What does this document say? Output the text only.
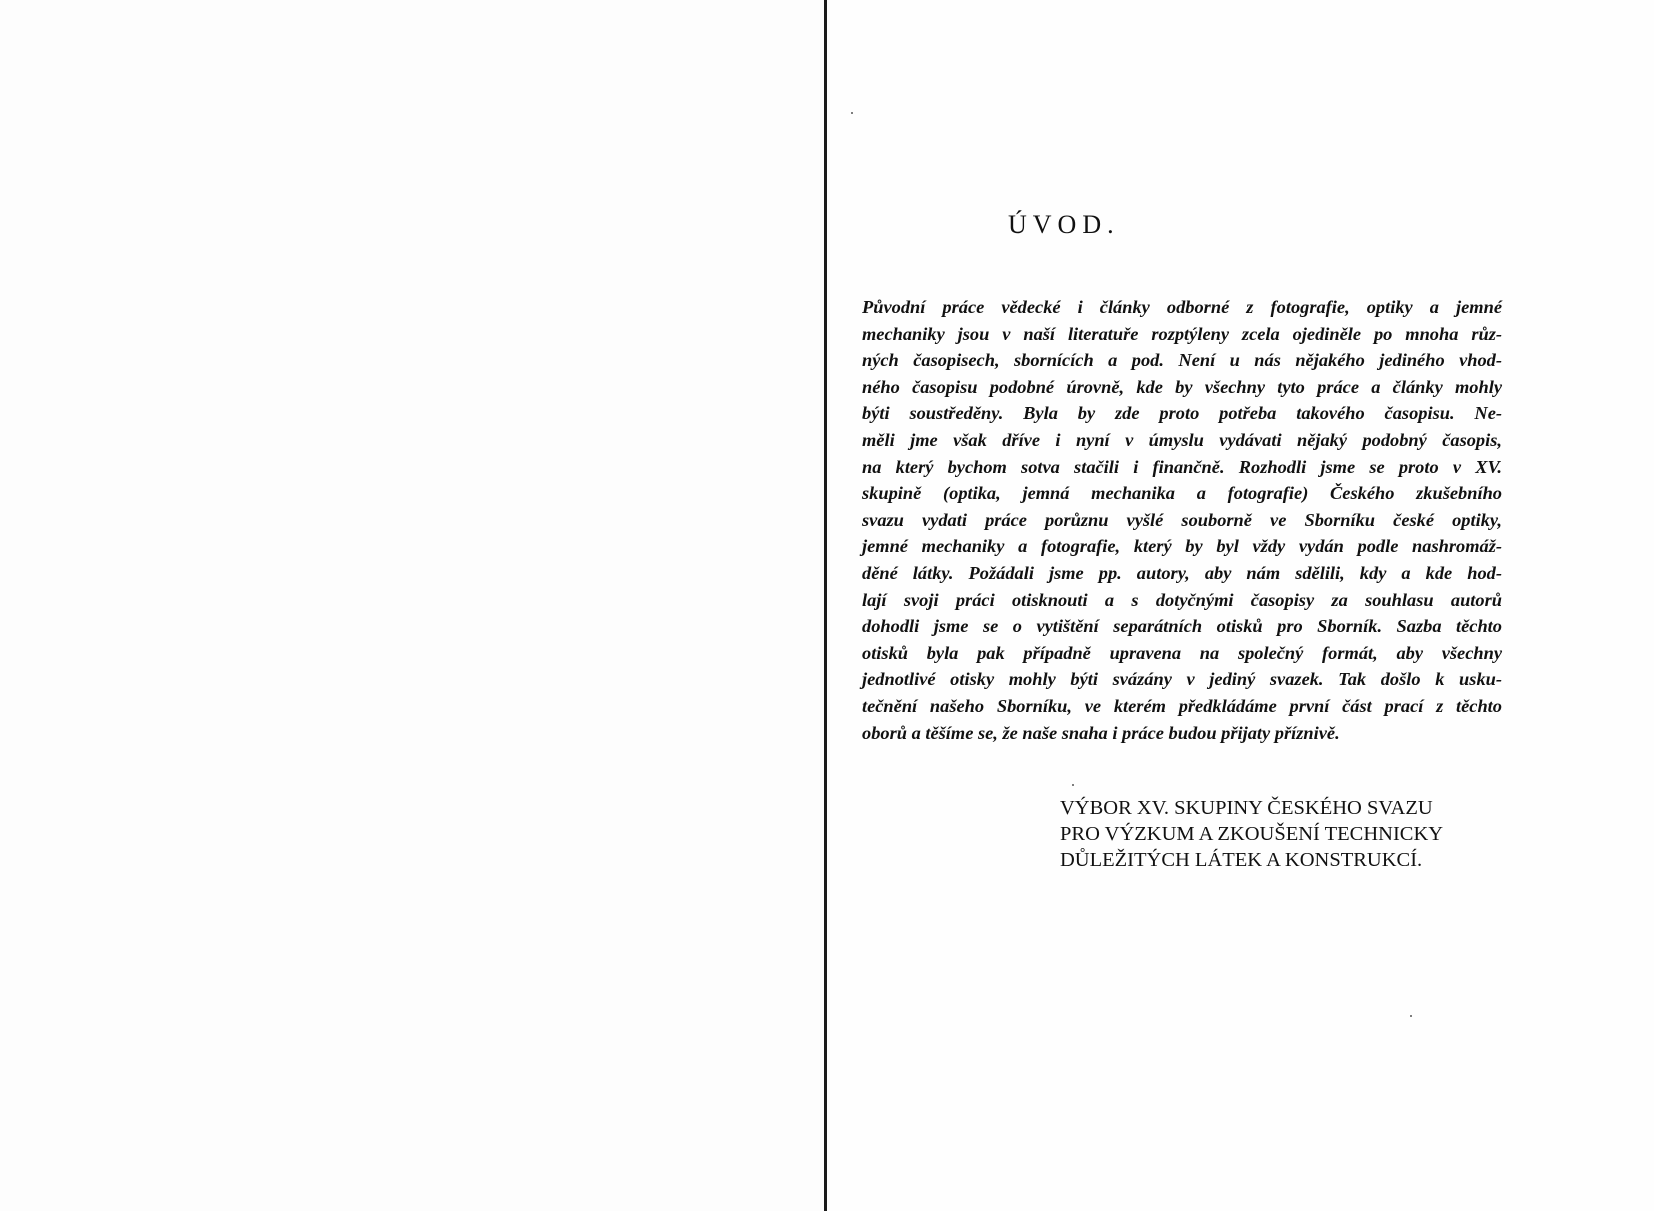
ÚVOD.
Původní práce vědecké i články odborné z fotografie, optiky a jemné
mechaniky jsou v naší literatuře rozptýleny zcela ojediněle po mnoha růz-
ných časopisech, sbornících a pod. Není u nás nějakého jediného vhod-
ného časopisu podobné úrovně, kde by všechny tyto práce a články mohly
býti soustředěny. Byla by zde proto potřeba takového časopisu. Ne-
měli jme však dříve i nyní v úmyslu vydávati nějaký podobný časopis,
na který bychom sotva stačili i finančně. Rozhodli jsme se proto v XV.
skupině (optika, jemná mechanika a fotografie) Českého zkušebního
svazu vydati práce porůznu vyšlé souborně ve Sborníku české optiky,
jemné mechaniky a fotografie, který by byl vždy vydán podle nashromáž-
děné látky. Požádali jsme pp. autory, aby nám sdělili, kdy a kde hod-
lají svoji práci otisknouti a s dotyčnými časopisy za souhlasu autorů
dohodli jsme se o vytištění separátních otisků pro Sborník. Sazba těchto
otisků byla pak případně upravena na společný formát, aby všechny
jednotlivé otisky mohly býti svázány v jediný svazek. Tak došlo k usku-
tečnění našeho Sborníku, ve kterém předkládáme první část prací z těchto
oborů a těšíme se, že naše snaha i práce budou přijaty příznivě.
VÝBOR XV. SKUPINY ČESKÉHO SVAZU
PRO VÝZKUM A ZKOUŠENÍ TECHNICKY
DŮLEŽITÝCH LÁTEK A KONSTRUKCÍ.
